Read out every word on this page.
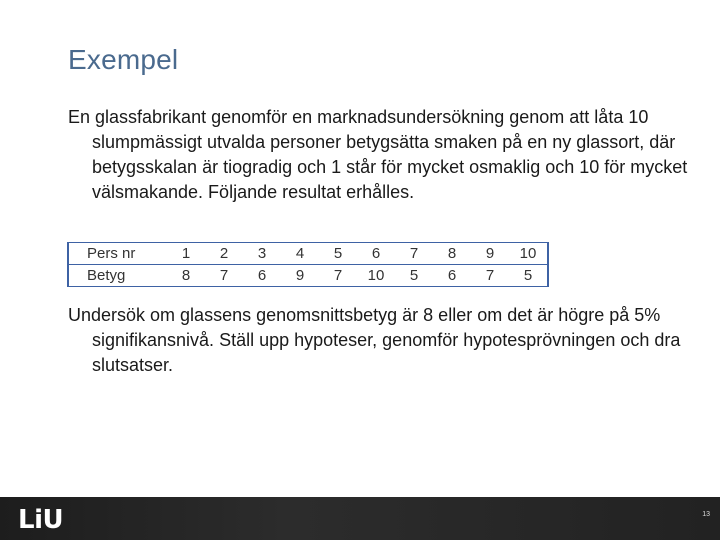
Exempel
En glassfabrikant genomför en marknadsundersökning genom att låta 10 slumpmässigt utvalda personer betygsätta smaken på en ny glassort, där betygsskalan är tiogradig och 1 står för mycket osmaklig och 10 för mycket välsmakande. Följande resultat erhålles.
Pers nr	1	2	3	4	5	6	7	8	9	10
Betyg	8	7	6	9	7	10	5	6	7	5
Undersök om glassens genomsnittsbetyg är 8 eller om det är högre på 5% signifikansnivå. Ställ upp hypoteser, genomför hypotesprövningen och dra slutsatser.
LiU	13
